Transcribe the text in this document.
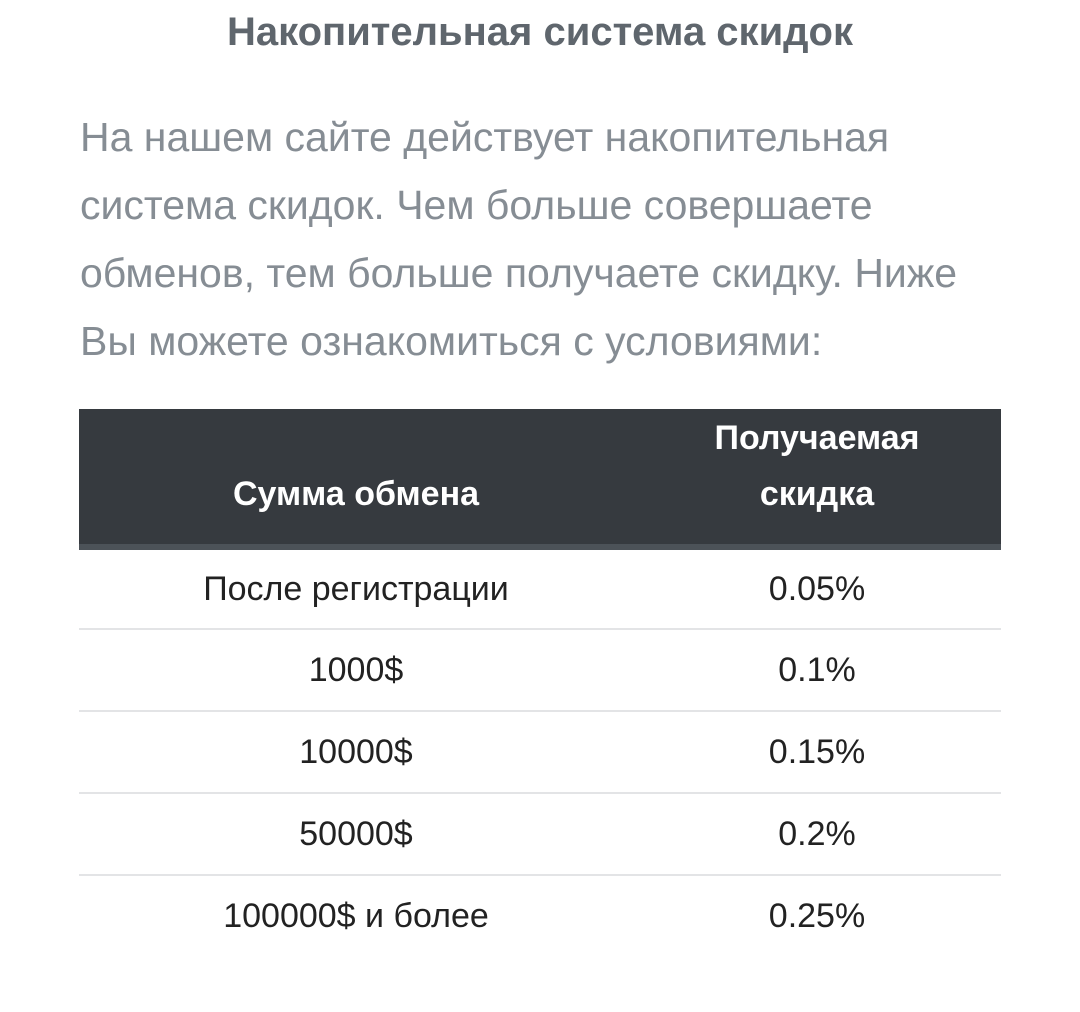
Накопительная система скидок

На нашем сайте действует накопительная
система скидок. Чем больше совершаете
обменов, тем больше получаете скидку. Ниже
Вы можете ознакомиться с условиями:

Сумма обмена	Получаемая
скидка
После регистрации	0.05%
1000$	0.1%
10000$	0.15%
50000$	0.2%
100000$ и более	0.25%
